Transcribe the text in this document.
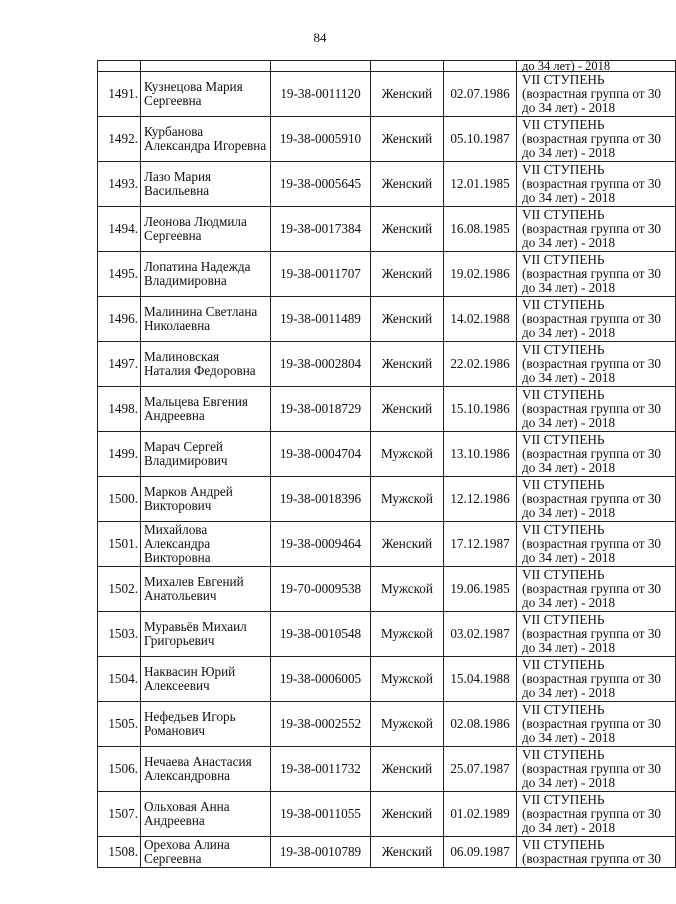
84
					до 34 лет) - 2018
1491.	Кузнецова Мария Сергеевна	19-38-0011120	Женский	02.07.1986	VII СТУПЕНЬ
(возрастная группа от 30
до 34 лет) - 2018

1492.	Курбанова Александра Игоревна	19-38-0005910	Женский	05.10.1987	VII СТУПЕНЬ
(возрастная группа от 30
до 34 лет) - 2018

1493.	Лазо Мария Васильевна	19-38-0005645	Женский	12.01.1985	VII СТУПЕНЬ
(возрастная группа от 30
до 34 лет) - 2018

1494.	Леонова Людмила Сергеевна	19-38-0017384	Женский	16.08.1985	VII СТУПЕНЬ
(возрастная группа от 30
до 34 лет) - 2018

1495.	Лопатина Надежда Владимировна	19-38-0011707	Женский	19.02.1986	VII СТУПЕНЬ
(возрастная группа от 30
до 34 лет) - 2018

1496.	Малинина Светлана Николаевна	19-38-0011489	Женский	14.02.1988	VII СТУПЕНЬ
(возрастная группа от 30
до 34 лет) - 2018

1497.	Малиновская Наталия Федоровна	19-38-0002804	Женский	22.02.1986	VII СТУПЕНЬ
(возрастная группа от 30
до 34 лет) - 2018

1498.	Мальцева Евгения Андреевна	19-38-0018729	Женский	15.10.1986	VII СТУПЕНЬ
(возрастная группа от 30
до 34 лет) - 2018

1499.	Марач Сергей Владимирович	19-38-0004704	Мужской	13.10.1986	VII СТУПЕНЬ
(возрастная группа от 30
до 34 лет) - 2018

1500.	Марков Андрей Викторович	19-38-0018396	Мужской	12.12.1986	VII СТУПЕНЬ
(возрастная группа от 30
до 34 лет) - 2018

1501.	Михайлова Александра Викторовна	19-38-0009464	Женский	17.12.1987	VII СТУПЕНЬ
(возрастная группа от 30
до 34 лет) - 2018

1502.	Михалев Евгений Анатольевич	19-70-0009538	Мужской	19.06.1985	VII СТУПЕНЬ
(возрастная группа от 30
до 34 лет) - 2018

1503.	Муравьёв Михаил Григорьевич	19-38-0010548	Мужской	03.02.1987	VII СТУПЕНЬ
(возрастная группа от 30
до 34 лет) - 2018

1504.	Наквасин Юрий Алексеевич	19-38-0006005	Мужской	15.04.1988	VII СТУПЕНЬ
(возрастная группа от 30
до 34 лет) - 2018

1505.	Нефедьев Игорь Романович	19-38-0002552	Мужской	02.08.1986	VII СТУПЕНЬ
(возрастная группа от 30
до 34 лет) - 2018

1506.	Нечаева Анастасия Александровна	19-38-0011732	Женский	25.07.1987	VII СТУПЕНЬ
(возрастная группа от 30
до 34 лет) - 2018

1507.	Ольховая Анна Андреевна	19-38-0011055	Женский	01.02.1989	VII СТУПЕНЬ
(возрастная группа от 30
до 34 лет) - 2018

1508.	Орехова Алина Сергеевна	19-38-0010789	Женский	06.09.1987	VII СТУПЕНЬ
(возрастная группа от 30
